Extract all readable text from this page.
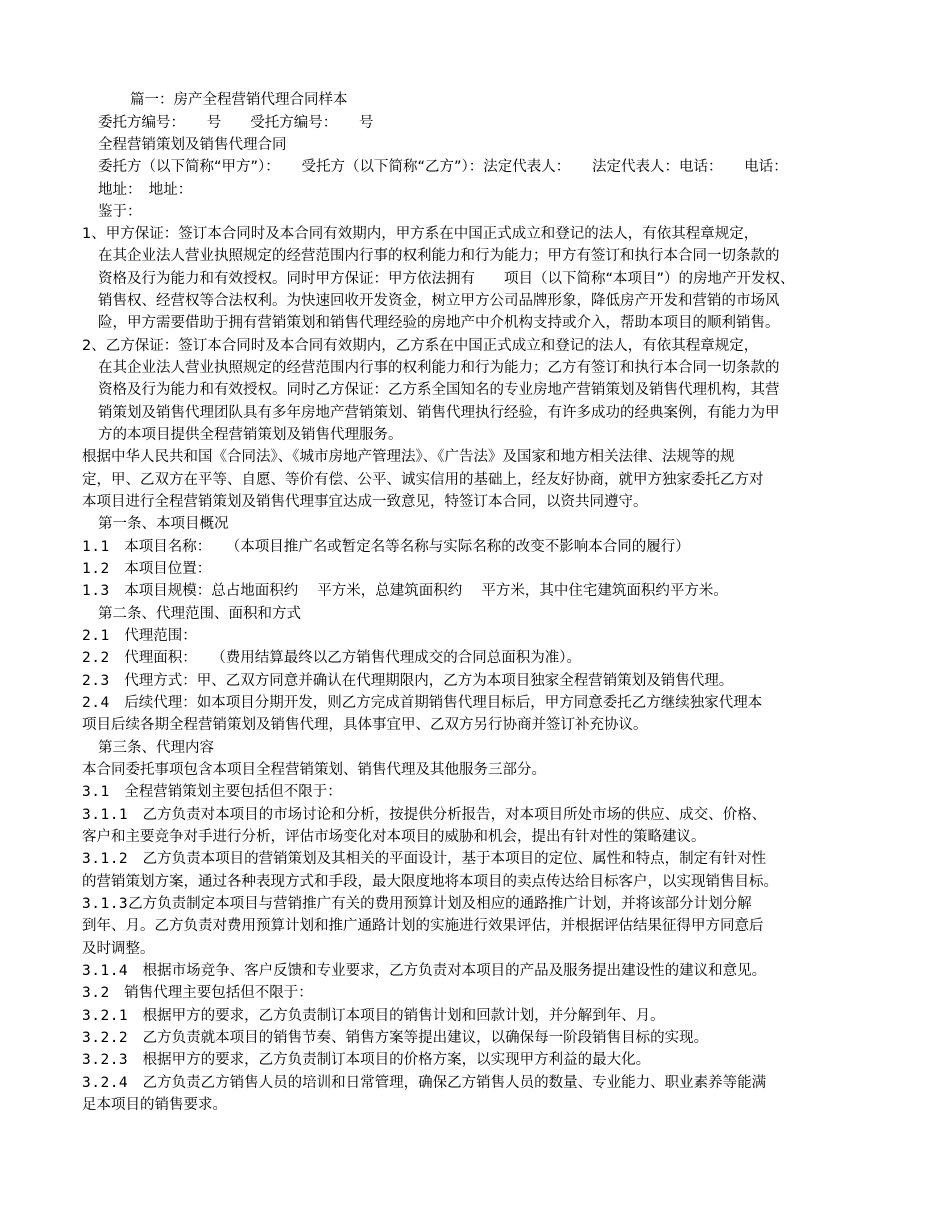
篇一：房产全程营销代理合同样本
委托方编号：　　号　　受托方编号：　　号
全程营销策划及销售代理合同
委托方（以下简称“甲方”）：　　受托方（以下简称“乙方”）：法定代表人：　　法定代表人：电话：　　电话：
地址：　地址：
鉴于：
1、甲方保证：签订本合同时及本合同有效期内，甲方系在中国正式成立和登记的法人，有依其程章规定，
在其企业法人营业执照规定的经营范围内行事的权利能力和行为能力；甲方有签订和执行本合同一切条款的
资格及行为能力和有效授权。同时甲方保证：甲方依法拥有　　项目（以下简称“本项目”）的房地产开发权、
销售权、经营权等合法权利。为快速回收开发资金，树立甲方公司品牌形象，降低房产开发和营销的市场风
险，甲方需要借助于拥有营销策划和销售代理经验的房地产中介机构支持或介入，帮助本项目的顺利销售。
2、乙方保证：签订本合同时及本合同有效期内，乙方系在中国正式成立和登记的法人，有依其程章规定，
在其企业法人营业执照规定的经营范围内行事的权利能力和行为能力；乙方有签订和执行本合同一切条款的
资格及行为能力和有效授权。同时乙方保证：乙方系全国知名的专业房地产营销策划及销售代理机构，其营
销策划及销售代理团队具有多年房地产营销策划、销售代理执行经验，有许多成功的经典案例，有能力为甲
方的本项目提供全程营销策划及销售代理服务。
根据中华人民共和国《合同法》、《城市房地产管理法》、《广告法》及国家和地方相关法律、法规等的规
定，甲、乙双方在平等、自愿、等价有偿、公平、诚实信用的基础上，经友好协商，就甲方独家委托乙方对
本项目进行全程营销策划及销售代理事宜达成一致意见，特签订本合同，以资共同遵守。
第一条、本项目概况
1.1　本项目名称：　　（本项目推广名或暂定名等名称与实际名称的改变不影响本合同的履行）
1.2　本项目位置：
1.3　本项目规模：总占地面积约　 平方米，总建筑面积约　 平方米，其中住宅建筑面积约平方米。
第二条、代理范围、面积和方式
2.1　代理范围：
2.2　代理面积：　　（费用结算最终以乙方销售代理成交的合同总面积为准）。
2.3　代理方式：甲、乙双方同意并确认在代理期限内，乙方为本项目独家全程营销策划及销售代理。
2.4　后续代理：如本项目分期开发，则乙方完成首期销售代理目标后，甲方同意委托乙方继续独家代理本
项目后续各期全程营销策划及销售代理，具体事宜甲、乙双方另行协商并签订补充协议。
第三条、代理内容
本合同委托事项包含本项目全程营销策划、销售代理及其他服务三部分。
3.1　全程营销策划主要包括但不限于：
3.1.1　乙方负责对本项目的市场讨论和分析，按提供分析报告，对本项目所处市场的供应、成交、价格、
客户和主要竞争对手进行分析，评估市场变化对本项目的威胁和机会，提出有针对性的策略建议。
3.1.2　乙方负责本项目的营销策划及其相关的平面设计，基于本项目的定位、属性和特点，制定有针对性
的营销策划方案，通过各种表现方式和手段，最大限度地将本项目的卖点传达给目标客户，以实现销售目标。
3.1.3乙方负责制定本项目与营销推广有关的费用预算计划及相应的通路推广计划，并将该部分计划分解
到年、月。乙方负责对费用预算计划和推广通路计划的实施进行效果评估，并根据评估结果征得甲方同意后
及时调整。
3.1.4　根据市场竞争、客户反馈和专业要求，乙方负责对本项目的产品及服务提出建设性的建议和意见。
3.2　销售代理主要包括但不限于：
3.2.1　根据甲方的要求，乙方负责制订本项目的销售计划和回款计划，并分解到年、月。
3.2.2　乙方负责就本项目的销售节奏、销售方案等提出建议，以确保每一阶段销售目标的实现。
3.2.3　根据甲方的要求，乙方负责制订本项目的价格方案，以实现甲方利益的最大化。
3.2.4　乙方负责乙方销售人员的培训和日常管理，确保乙方销售人员的数量、专业能力、职业素养等能满
足本项目的销售要求。
